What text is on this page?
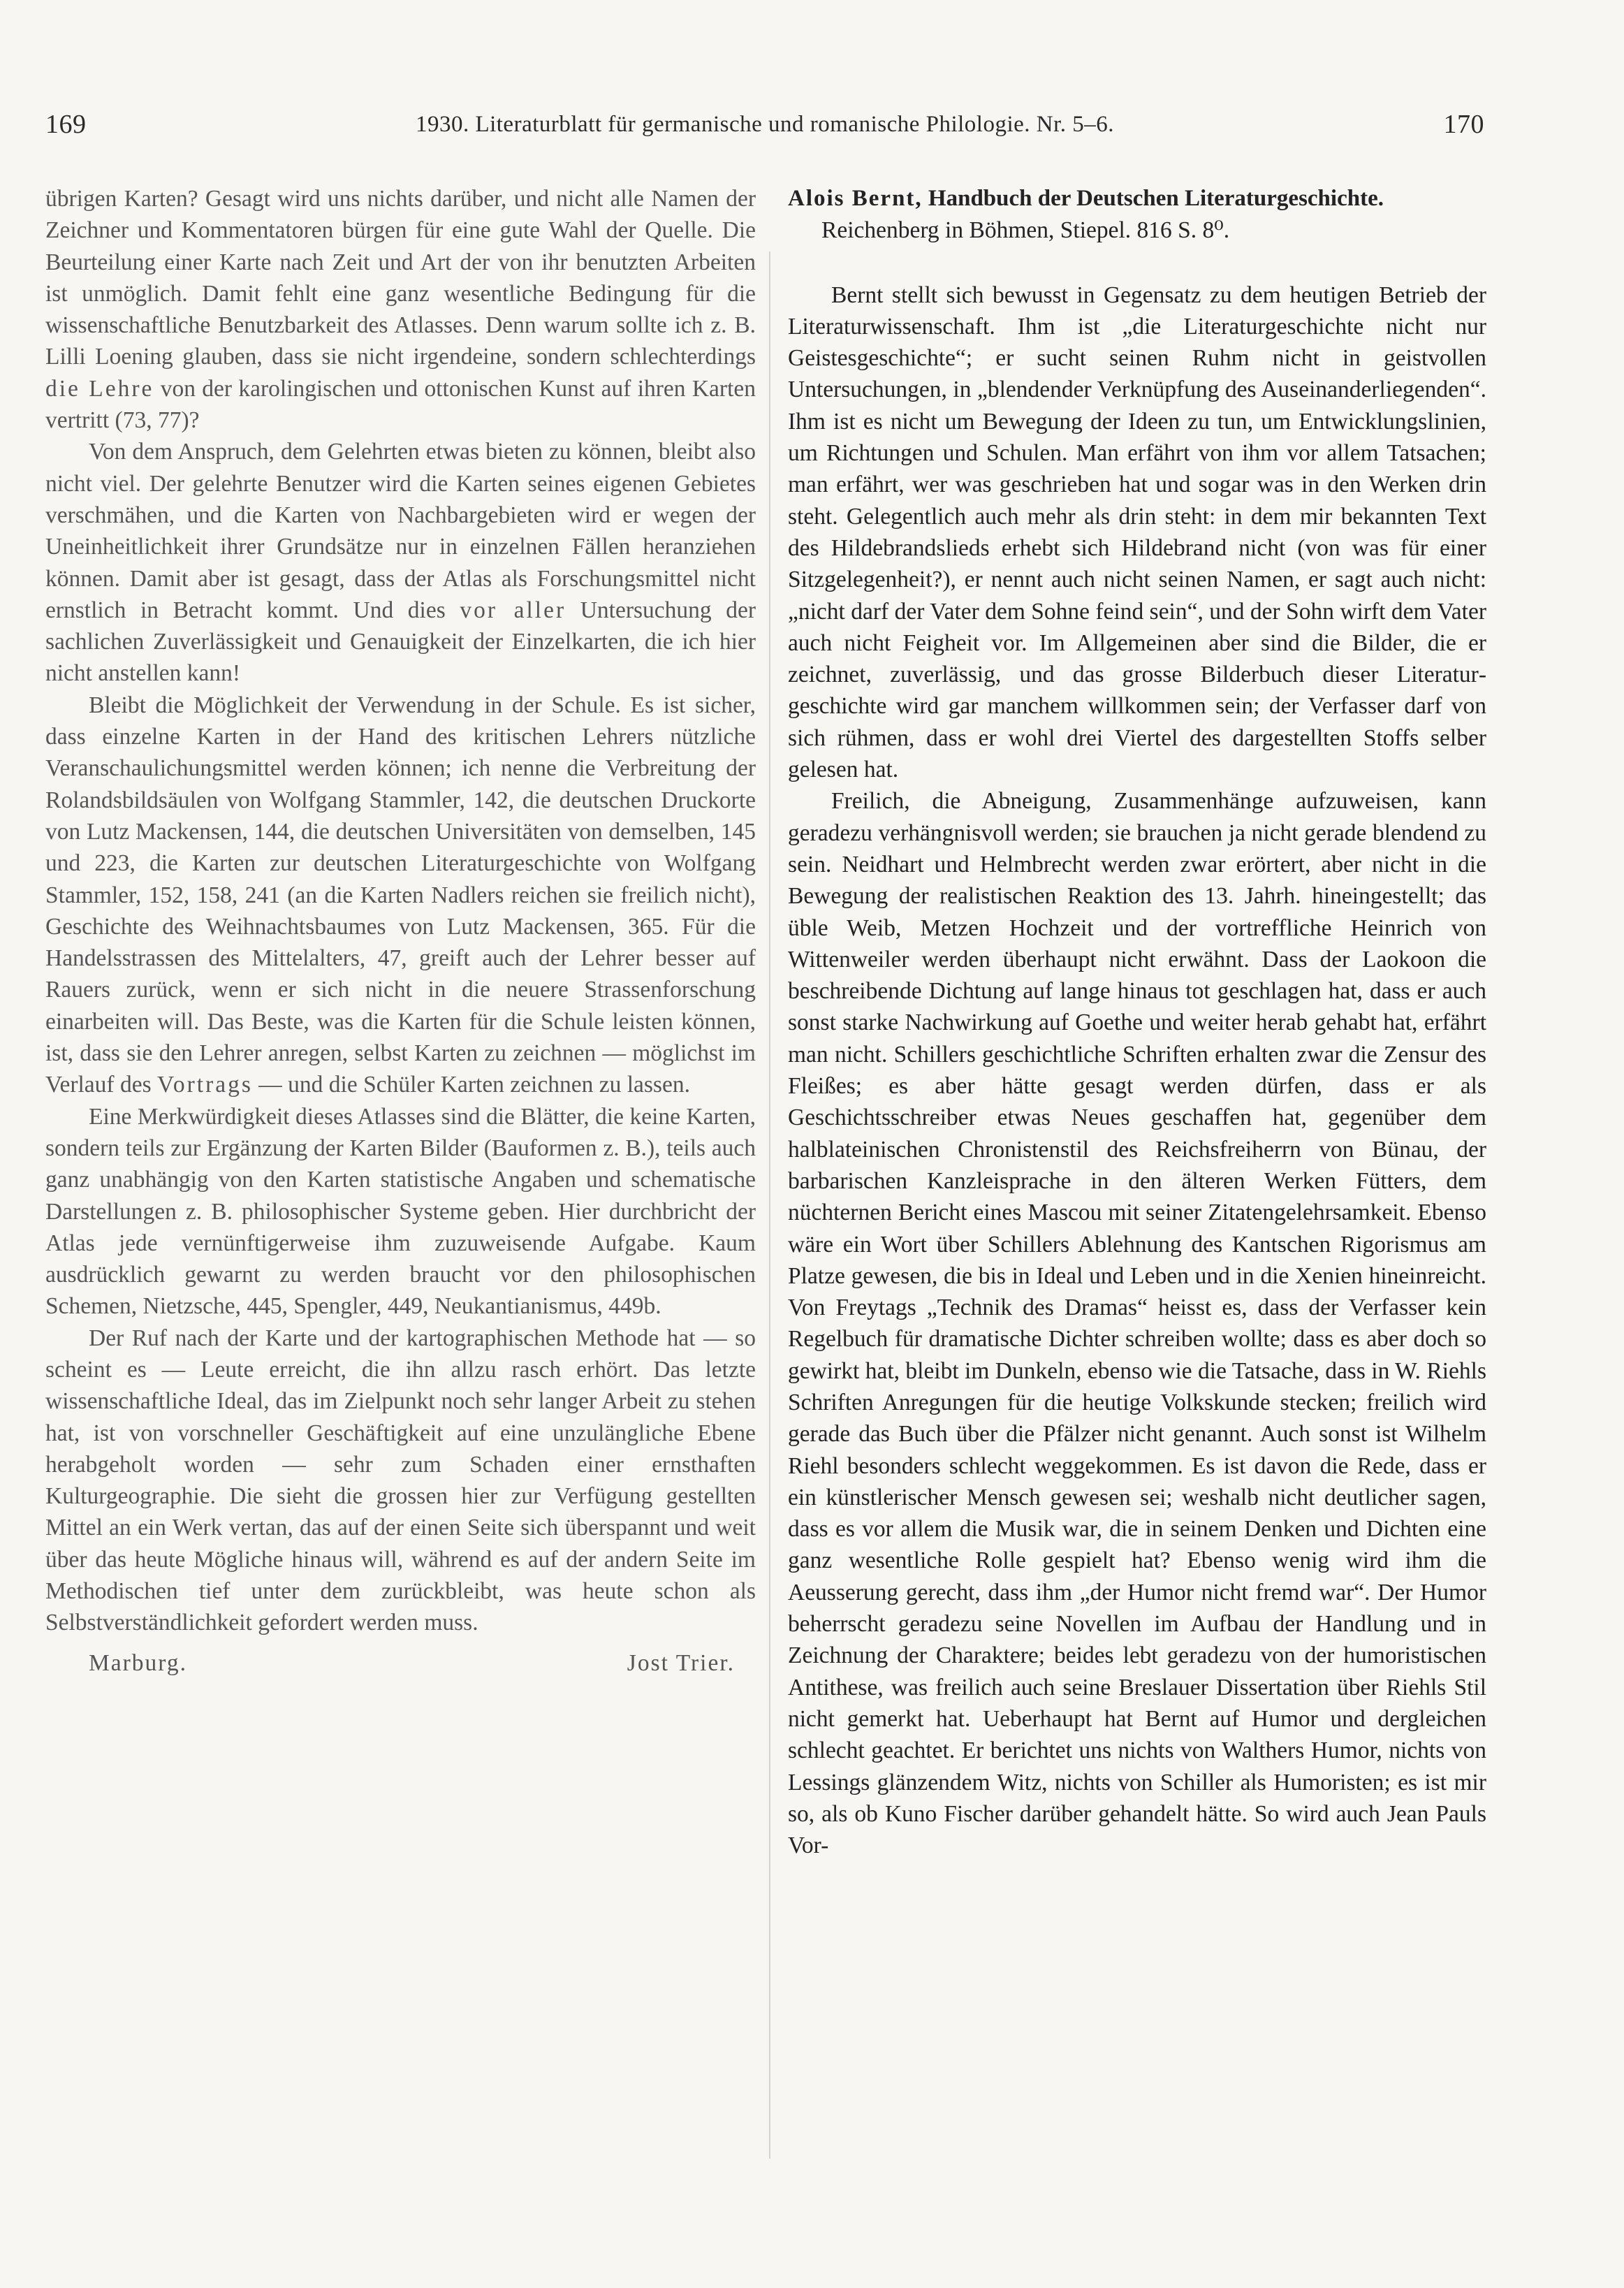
169	1930. Literaturblatt für germanische und romanische Philologie. Nr. 5–6.	170

übrigen Karten? Gesagt wird uns nichts darüber, und nicht alle Namen der Zeichner und Kommentatoren bürgen für eine gute Wahl der Quelle. Die Beurteilung einer Karte nach Zeit und Art der von ihr benutzten Arbeiten ist unmöglich. Damit fehlt eine ganz wesentliche Bedingung für die wissenschaftliche Benutzbarkeit des Atlasses. Denn warum sollte ich z. B. Lilli Loening glauben, dass sie nicht irgendeine, sondern schlechterdings die Lehre von der karolingischen und ottonischen Kunst auf ihren Karten vertritt (73, 77)?

Von dem Anspruch, dem Gelehrten etwas bieten zu können, bleibt also nicht viel. Der gelehrte Benutzer wird die Karten seines eigenen Gebietes verschmähen, und die Karten von Nachbargebieten wird er wegen der Uneinheitlichkeit ihrer Grundsätze nur in einzelnen Fällen heranziehen können. Damit aber ist gesagt, dass der Atlas als Forschungsmittel nicht ernstlich in Betracht kommt. Und dies vor aller Untersuchung der sachlichen Zuverlässigkeit und Genauigkeit der Einzelkarten, die ich hier nicht anstellen kann!

Bleibt die Möglichkeit der Verwendung in der Schule. Es ist sicher, dass einzelne Karten in der Hand des kritischen Lehrers nützliche Veranschaulichungsmittel werden können; ich nenne die Verbreitung der Rolandsbildsäulen von Wolfgang Stammler, 142, die deutschen Druckorte von Lutz Mackensen, 144, die deutschen Universitäten von demselben, 145 und 223, die Karten zur deutschen Literaturgeschichte von Wolfgang Stammler, 152, 158, 241 (an die Karten Nadlers reichen sie freilich nicht), Geschichte des Weihnachtsbaumes von Lutz Mackensen, 365. Für die Handelsstrassen des Mittelalters, 47, greift auch der Lehrer besser auf Rauers zurück, wenn er sich nicht in die neuere Strassenforschung einarbeiten will. Das Beste, was die Karten für die Schule leisten können, ist, dass sie den Lehrer anregen, selbst Karten zu zeichnen — möglichst im Verlauf des Vortrags — und die Schüler Karten zeichnen zu lassen.

Eine Merkwürdigkeit dieses Atlasses sind die Blätter, die keine Karten, sondern teils zur Ergänzung der Karten Bilder (Bauformen z. B.), teils auch ganz unabhängig von den Karten statistische Angaben und schematische Darstellungen z. B. philosophischer Systeme geben. Hier durchbricht der Atlas jede vernünftigerweise ihm zuzuweisende Aufgabe. Kaum ausdrücklich gewarnt zu werden braucht vor den philosophischen Schemen, Nietzsche, 445, Spengler, 449, Neukantianismus, 449b.

Der Ruf nach der Karte und der kartographischen Methode hat — so scheint es — Leute erreicht, die ihn allzu rasch erhört. Das letzte wissenschaftliche Ideal, das im Zielpunkt noch sehr langer Arbeit zu stehen hat, ist von vorschneller Geschäftigkeit auf eine unzulängliche Ebene herabgeholt worden — sehr zum Schaden einer ernsthaften Kulturgeographie. Die sieht die grossen hier zur Verfügung gestellten Mittel an ein Werk vertan, das auf der einen Seite sich überspannt und weit über das heute Mögliche hinaus will, während es auf der andern Seite im Methodischen tief unter dem zurückbleibt, was heute schon als Selbstverständlichkeit gefordert werden muss.

Marburg.	Jost Trier.
Alois Bernt, Handbuch der Deutschen Literaturgeschichte.
Reichenberg in Böhmen, Stiepel. 816 S. 8⁰.

Bernt stellt sich bewusst in Gegensatz zu dem heutigen Betrieb der Literaturwissenschaft. Ihm ist „die Literaturgeschichte nicht nur Geistesgeschichte“; er sucht seinen Ruhm nicht in geistvollen Untersuchungen, in „blendender Verknüpfung des Auseinanderliegenden“. Ihm ist es nicht um Bewegung der Ideen zu tun, um Entwicklungslinien, um Richtungen und Schulen. Man erfährt von ihm vor allem Tatsachen; man erfährt, wer was geschrieben hat und sogar was in den Werken drin steht. Gelegentlich auch mehr als drin steht: in dem mir bekannten Text des Hildebrandslieds erhebt sich Hildebrand nicht (von was für einer Sitzgelegenheit?), er nennt auch nicht seinen Namen, er sagt auch nicht: „nicht darf der Vater dem Sohne feind sein“, und der Sohn wirft dem Vater auch nicht Feigheit vor. Im Allgemeinen aber sind die Bilder, die er zeichnet, zuverlässig, und das grosse Bilderbuch dieser Literaturgeschichte wird gar manchem willkommen sein; der Verfasser darf von sich rühmen, dass er wohl drei Viertel des dargestellten Stoffs selber gelesen hat.

Freilich, die Abneigung, Zusammenhänge aufzuweisen, kann geradezu verhängnisvoll werden; sie brauchen ja nicht gerade blendend zu sein. Neidhart und Helmbrecht werden zwar erörtert, aber nicht in die Bewegung der realistischen Reaktion des 13. Jahrh. hineingestellt; das üble Weib, Metzen Hochzeit und der vortreffliche Heinrich von Wittenweiler werden überhaupt nicht erwähnt. Dass der Laokoon die beschreibende Dichtung auf lange hinaus tot geschlagen hat, dass er auch sonst starke Nachwirkung auf Goethe und weiter herab gehabt hat, erfährt man nicht. Schillers geschichtliche Schriften erhalten zwar die Zensur des Fleißes; es aber hätte gesagt werden dürfen, dass er als Geschichtsschreiber etwas Neues geschaffen hat, gegenüber dem halblateinischen Chronistenstil des Reichsfreiherrn von Bünau, der barbarischen Kanzleisprache in den älteren Werken Fütters, dem nüchternen Bericht eines Mascou mit seiner Zitatengelehrsamkeit. Ebenso wäre ein Wort über Schillers Ablehnung des Kantschen Rigorismus am Platze gewesen, die bis in Ideal und Leben und in die Xenien hineinreicht. Von Freytags „Technik des Dramas“ heisst es, dass der Verfasser kein Regelbuch für dramatische Dichter schreiben wollte; dass es aber doch so gewirkt hat, bleibt im Dunkeln, ebenso wie die Tatsache, dass in W. Riehls Schriften Anregungen für die heutige Volkskunde stecken; freilich wird gerade das Buch über die Pfälzer nicht genannt. Auch sonst ist Wilhelm Riehl besonders schlecht weggekommen. Es ist davon die Rede, dass er ein künstlerischer Mensch gewesen sei; weshalb nicht deutlicher sagen, dass es vor allem die Musik war, die in seinem Denken und Dichten eine ganz wesentliche Rolle gespielt hat? Ebenso wenig wird ihm die Aeusserung gerecht, dass ihm „der Humor nicht fremd war“. Der Humor beherrscht geradezu seine Novellen im Aufbau der Handlung und in Zeichnung der Charaktere; beides lebt geradezu von der humoristischen Antithese, was freilich auch seine Breslauer Dissertation über Riehls Stil nicht gemerkt hat. Ueberhaupt hat Bernt auf Humor und dergleichen schlecht geachtet. Er berichtet uns nichts von Walthers Humor, nichts von Lessings glänzendem Witz, nichts von Schiller als Humoristen; es ist mir so, als ob Kuno Fischer darüber gehandelt hätte. So wird auch Jean Pauls Vor-
